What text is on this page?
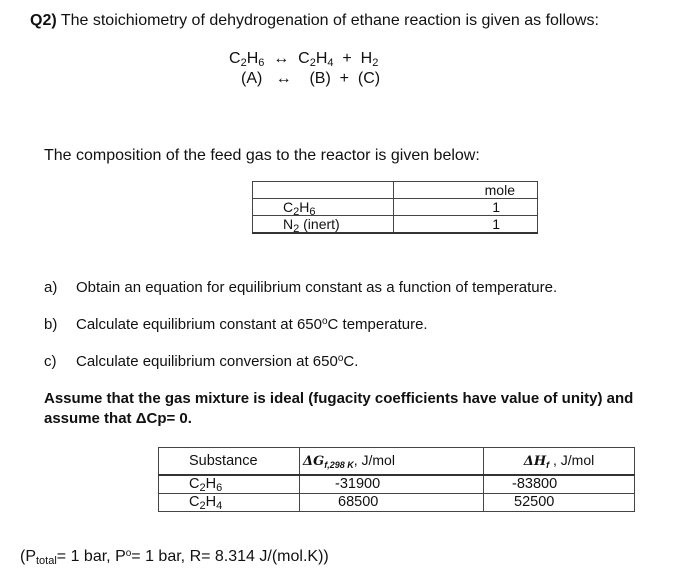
Q2) The stoichiometry of dehydrogenation of ethane reaction is given as follows:
$C_2H_6$ ↔ $C_2H_4 + H_2$
(A) ↔ (B) + (C)
The composition of the feed gas to the reactor is given below:
	mole
$C_2H_6$	1
$N_2$ (inert)	1
a) Obtain an equation for equilibrium constant as a function of temperature.
b) Calculate equilibrium constant at 650$^o$C temperature.
c) Calculate equilibrium conversion at 650$^o$C.
Assume that the gas mixture is ideal (fugacity coefficients have value of unity) and
assume that ΔCp= 0.
Substance	$\Delta G_{f,298 K}$, J/mol	$\Delta H_f$ , J/mol
$C_2H_6$	-31900	-83800
$C_2H_4$	68500	52500
($P_{total}= 1$ bar, $P^o= 1$ bar, R= 8.314 J/(mol.K))
